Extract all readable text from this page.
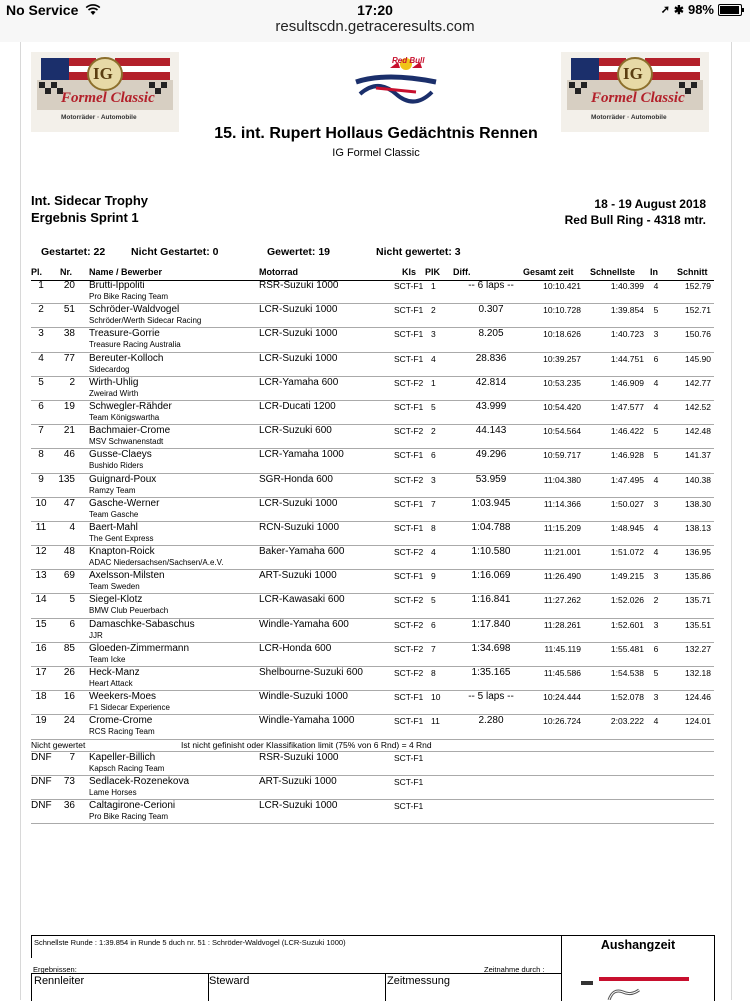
No Service	17:20
resultscdn.getraceresults.com
➚ ✱ 98%
IG
Formel Classic
Motorräder · Automobile
Red Bull
IG
Formel Classic
Motorräder · Automobile
15. int. Rupert Hollaus Gedächtnis Rennen
IG Formel Classic
Int. Sidecar Trophy
Ergebnis Sprint 1
18 - 19 August 2018
Red Bull Ring - 4318 mtr.
Gestartet: 22 Nicht Gestartet: 0	Gewertet: 19	Nicht gewertet: 3
Pl.	Nr.	Name / Bewerber	Motorrad	Kls PIK Diff.	Gesamt zeit Schnellste In Schnitt
1	20 Brutti-Ippoliti
Pro Bike Racing Team
RSR-Suzuki 1000	SCT-F1 1	-- 6 laps --	10:10.421	1:40.399	4	152.79
2	51 Schröder-Waldvogel
Schröder/Werth Sidecar Racing
LCR-Suzuki 1000	SCT-F1 2	0.307	10:10.728	1:39.854	5	152.71
3	38 Treasure-Gorrie
Treasure Racing Australia
LCR-Suzuki 1000	SCT-F1 3	8.205	10:18.626	1:40.723	3	150.76
4	77 Bereuter-Kolloch
Sidecardog
LCR-Suzuki 1000	SCT-F1 4	28.836	10:39.257	1:44.751	6	145.90
5	2 Wirth-Uhlig
Zweirad Wirth
LCR-Yamaha 600	SCT-F2 1	42.814	10:53.235	1:46.909	4	142.77
6	19 Schwegler-Rähder
Team Königswartha
LCR-Ducati 1200	SCT-F1 5	43.999	10:54.420	1:47.577	4	142.52
7	21 Bachmaier-Crome
MSV Schwanenstadt
LCR-Suzuki 600	SCT-F2 2	44.143	10:54.564	1:46.422	5	142.48
8	46 Gusse-Claeys
Bushido Riders
LCR-Yamaha 1000	SCT-F1 6	49.296	10:59.717	1:46.928	5	141.37
9	135 Guignard-Poux
Ramzy Team
SGR-Honda 600	SCT-F2 3	53.959	11:04.380	1:47.495	4	140.38
10	47 Gasche-Werner
Team Gasche
LCR-Suzuki 1000	SCT-F1 7	1:03.945	11:14.366	1:50.027	3	138.30
11	4 Baert-Mahl
The Gent Express
RCN-Suzuki 1000	SCT-F1 8	1:04.788	11:15.209	1:48.945	4	138.13
12	48 Knapton-Roick
ADAC Niedersachsen/Sachsen/A.e.V.
Baker-Yamaha 600	SCT-F2 4	1:10.580	11:21.001	1:51.072	4	136.95
13	69 Axelsson-Milsten
Team Sweden
ART-Suzuki 1000	SCT-F1 9	1:16.069	11:26.490	1:49.215	3	135.86
14	5 Siegel-Klotz
BMW Club Peuerbach
LCR-Kawasaki 600	SCT-F2 5	1:16.841	11:27.262	1:52.026	2	135.71
15	6 Damaschke-Sabaschus
JJR
Windle-Yamaha 600	SCT-F2 6	1:17.840	11:28.261	1:52.601	3	135.51
16	85 Gloeden-Zimmermann
Team Icke
LCR-Honda 600	SCT-F2 7	1:34.698	11:45.119	1:55.481	6	132.27
17	26 Heck-Manz
Heart Attack
Shelbourne-Suzuki 600	SCT-F2 8	1:35.165	11:45.586	1:54.538	5	132.18
18	16 Weekers-Moes
F1 Sidecar Experience
Windle-Suzuki 1000	SCT-F1 10	-- 5 laps --	10:24.444	1:52.078	3	124.46
19	24 Crome-Crome
RCS Racing Team
Windle-Yamaha 1000	SCT-F1 11	2.280	10:26.724	2:03.222	4	124.01
Nicht gewertet	Ist nicht gefinisht oder Klassifikation limit (75% von 6 Rnd) = 4 Rnd
DNF	7 Kapeller-Billich
Kapsch Racing Team
RSR-Suzuki 1000	SCT-F1
DNF	73 Sedlacek-Rozenekova
Lame Horses
ART-Suzuki 1000	SCT-F1
DNF	36 Caltagirone-Cerioni
Pro Bike Racing Team
LCR-Suzuki 1000	SCT-F1
Schnellste Runde : 1:39.854 in Runde 5 duch nr. 51 : Schröder-Waldvogel (LCR-Suzuki 1000)	Aushangzeit
Ergebnissen:	Zeitnahme durch :
Rennleiter	Steward	Zeitmessung
